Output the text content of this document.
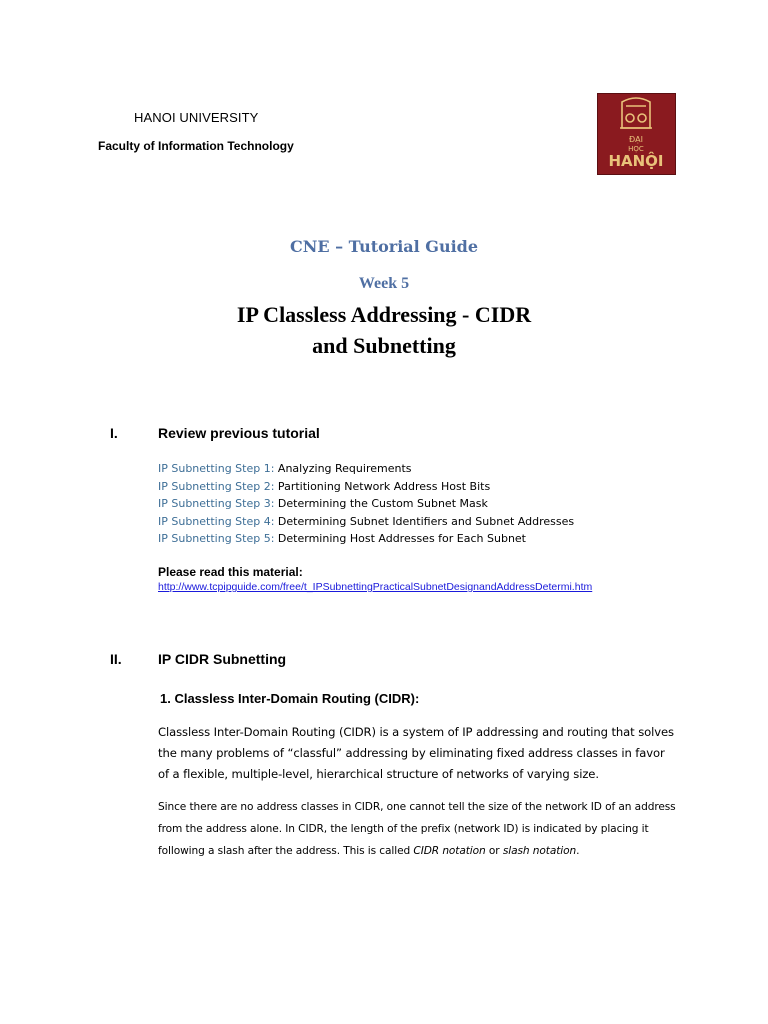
HANOI UNIVERSITY
Faculty of Information Technology	ĐẠI
HỌC
HANỘI
CNE – Tutorial Guide
Week 5
IP Classless Addressing - CIDR
and Subnetting
I.	Review previous tutorial
IP Subnetting Step 1: Analyzing Requirements
IP Subnetting Step 2: Partitioning Network Address Host Bits
IP Subnetting Step 3: Determining the Custom Subnet Mask
IP Subnetting Step 4: Determining Subnet Identifiers and Subnet Addresses
IP Subnetting Step 5: Determining Host Addresses for Each Subnet
Please read this material:
http://www.tcpipguide.com/free/t_IPSubnettingPracticalSubnetDesignandAddressDetermi.htm
II.	IP CIDR Subnetting
1. Classless Inter-Domain Routing (CIDR):
Classless Inter-Domain Routing (CIDR) is a system of IP addressing and routing that solves the many problems of “classful” addressing by eliminating fixed address classes in favor of a flexible, multiple-level, hierarchical structure of networks of varying size.
Since there are no address classes in CIDR, one cannot tell the size of the network ID of an address from the address alone. In CIDR, the length of the prefix (network ID) is indicated by placing it following a slash after the address. This is called CIDR notation or slash notation.
